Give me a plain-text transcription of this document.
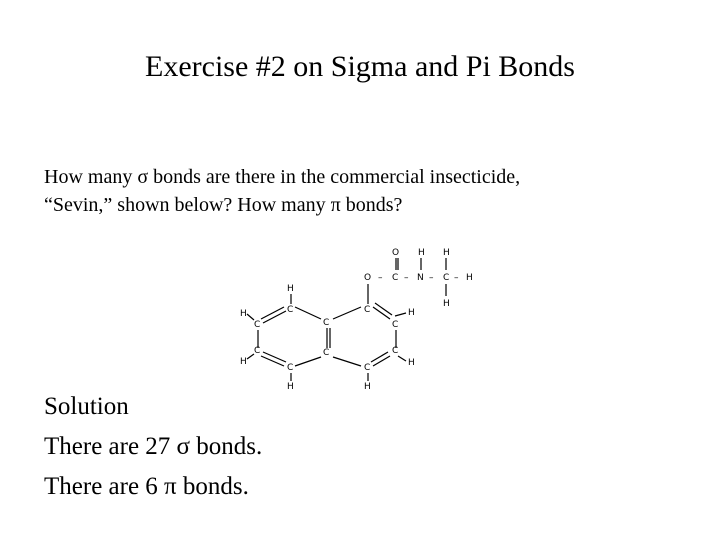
Exercise #2 on Sigma and Pi Bonds
How many σ bonds are there in the commercial insecticide,
“Sevin,” shown below? How many π bonds?
O H H
O – C – N – C – H
H
H
C	C	H
H
C	C	C
H
C	C	C
H
C	C
H	H
Solution
There are 27 σ bonds.
There are 6 π bonds.
